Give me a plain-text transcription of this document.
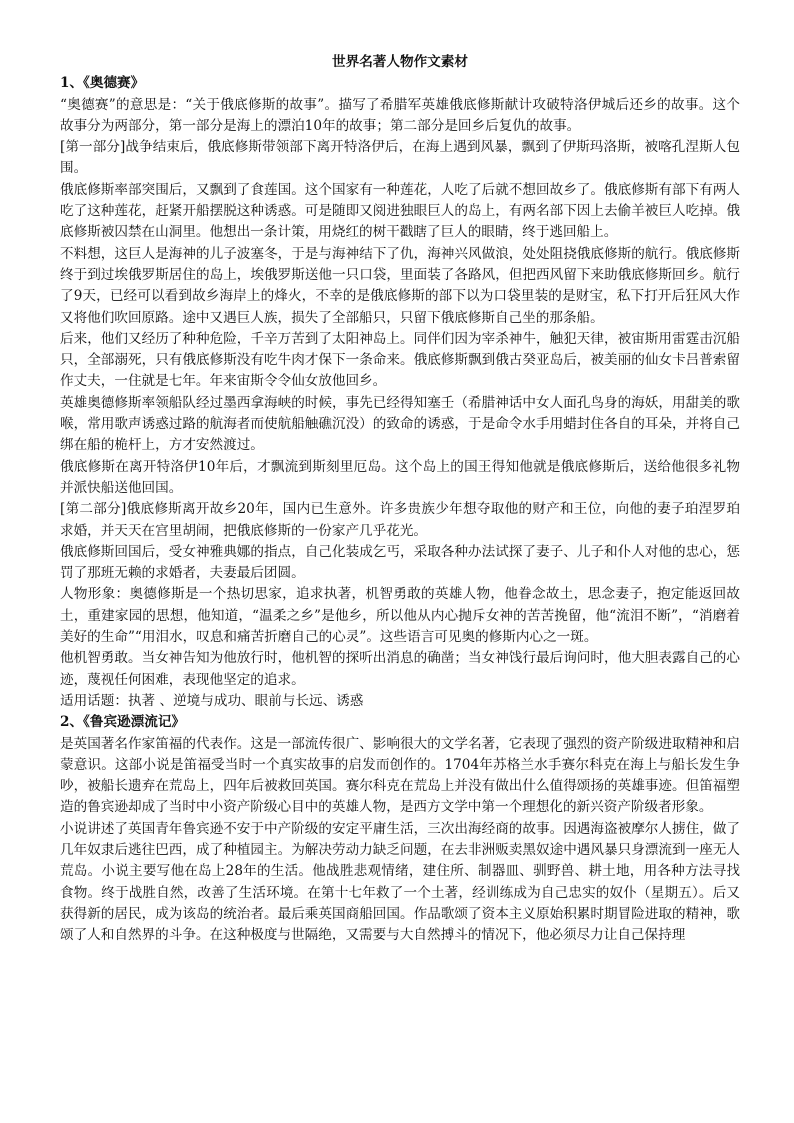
世界名著人物作文素材

1、《奥德赛》

“奥德赛”的意思是：“关于俄底修斯的故事”。描写了希腊军英雄俄底修斯献计攻破特洛伊城后还乡的故事。这个故事分为两部分，第一部分是海上的漂泊10年的故事；第二部分是回乡后复仇的故事。

[第一部分]战争结束后，俄底修斯带领部下离开特洛伊后，在海上遇到风暴，飘到了伊斯玛洛斯，被喀孔涅斯人包围。

俄底修斯率部突围后，又飘到了食莲国。这个国家有一种莲花，人吃了后就不想回故乡了。俄底修斯有部下有两人吃了这种莲花，赶紧开船摆脱这种诱惑。可是随即又阅进独眼巨人的岛上，有两名部下因上去偷羊被巨人吃掉。俄底修斯被囚禁在山洞里。他想出一条计策，用烧红的树干戳瞎了巨人的眼睛，终于逃回船上。

不料想，这巨人是海神的儿子波塞冬，于是与海神结下了仇，海神兴风做浪，处处阻挠俄底修斯的航行。俄底修斯终于到过埃俄罗斯居住的岛上，埃俄罗斯送他一只口袋，里面装了各路风，但把西风留下来助俄底修斯回乡。航行了9天，已经可以看到故乡海岸上的烽火，不幸的是俄底修斯的部下以为口袋里装的是财宝，私下打开后狂风大作又将他们吹回原路。途中又遇巨人族，损失了全部船只，只留下俄底修斯自己坐的那条船。

后来，他们又经历了种种危险，千辛万苦到了太阳神岛上。同伴们因为宰杀神牛，触犯天律，被宙斯用雷霆击沉船只，全部溺死，只有俄底修斯没有吃牛肉才保下一条命来。俄底修斯飘到俄古癸亚岛后，被美丽的仙女卡吕普索留作丈夫，一住就是七年。年来宙斯令令仙女放他回乡。

英雄奥德修斯率领船队经过墨西拿海峡的时候，事先已经得知塞壬（希腊神话中女人面孔鸟身的海妖，用甜美的歌喉，常用歌声诱惑过路的航海者而使航船触礁沉没）的致命的诱惑，于是命令水手用蜡封住各自的耳朵，并将自己绑在船的桅杆上，方才安然渡过。

俄底修斯在离开特洛伊10年后，才飘流到斯刻里厄岛。这个岛上的国王得知他就是俄底修斯后，送给他很多礼物并派快船送他回国。

[第二部分]俄底修斯离开故乡20年，国内已生意外。许多贵族少年想夺取他的财产和王位，向他的妻子珀涅罗珀求婚，并天天在宫里胡闹，把俄底修斯的一份家产几乎花光。

俄底修斯回国后，受女神雅典娜的指点，自己化装成乞丐，采取各种办法试探了妻子、儿子和仆人对他的忠心，惩罚了那班无赖的求婚者，夫妻最后团圆。

人物形象：奥德修斯是一个热切思家，追求执著，机智勇敢的英雄人物，他眷念故土，思念妻子，抱定能返回故土，重建家园的思想，他知道，“温柔之乡”是他乡，所以他从内心抛斥女神的苦苦挽留，他“流泪不断”，“消磨着美好的生命”“用泪水，叹息和痛苦折磨自己的心灵”。这些语言可见奥的修斯内心之一斑。

他机智勇敢。当女神告知为他放行时，他机智的探听出消息的确凿；当女神饯行最后询问时，他大胆表露自己的心迹，蔑视任何困难，表现他坚定的追求。

适用话题：执著 、逆境与成功、眼前与长远、诱惑

2、《鲁宾逊漂流记》

是英国著名作家笛福的代表作。这是一部流传很广、影响很大的文学名著，它表现了强烈的资产阶级进取精神和启蒙意识。这部小说是笛福受当时一个真实故事的启发而创作的。1704年苏格兰水手赛尔科克在海上与船长发生争吵，被船长遗弃在荒岛上，四年后被救回英国。赛尔科克在荒岛上并没有做出什么值得颂扬的英雄事迹。但笛福塑造的鲁宾逊却成了当时中小资产阶级心目中的英雄人物，是西方文学中第一个理想化的新兴资产阶级者形象。

小说讲述了英国青年鲁宾逊不安于中产阶级的安定平庸生活，三次出海经商的故事。因遇海盗被摩尔人掳住，做了几年奴隶后逃往巴西，成了种植园主。为解决劳动力缺乏问题，在去非洲贩卖黑奴途中遇风暴只身漂流到一座无人荒岛。小说主要写他在岛上28年的生活。他战胜悲观情绪，建住所、制器皿、驯野兽、耕土地，用各种方法寻找食物。终于战胜自然，改善了生活环境。在第十七年救了一个土著，经训练成为自己忠实的奴仆（星期五）。后又获得新的居民，成为该岛的统治者。最后乘英国商船回国。作品歌颂了资本主义原始积累时期冒险进取的精神，歌颂了人和自然界的斗争。在这种极度与世隔绝，又需要与大自然搏斗的情况下，他必须尽力让自己保持理
